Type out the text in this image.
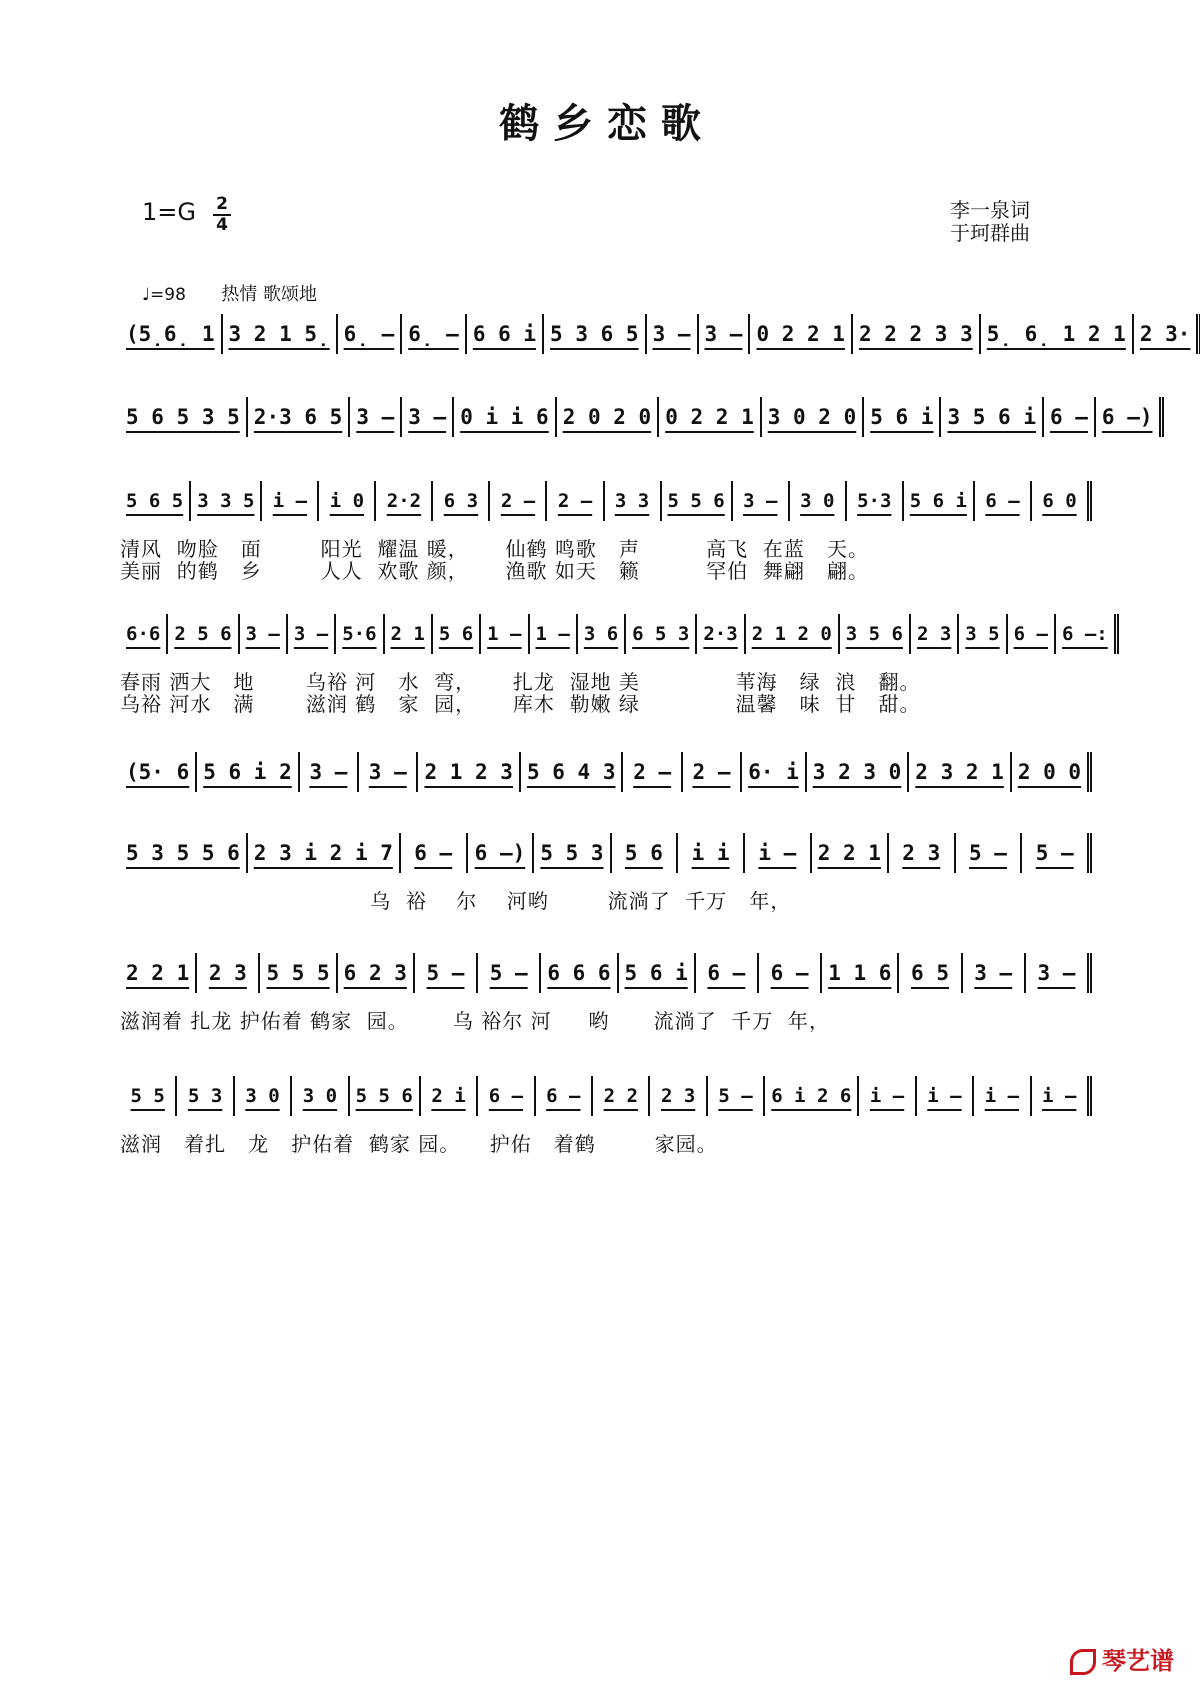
鹤 乡 恋 歌
1=G 2
4
李一泉词
于珂群曲
♩=98 热情 歌颂地
(5̣6̣ 1 3 2 1 5̣ 6̣ – 6̣ – 6 6 i 5 3 6 5 3 – 3 – 0 2 2 1 2 2 2 3 3 5̣ 6̣ 1 2 1 2 3·
5 6 5 3 5 2·3 6 5 3 – 3 – 0 i i 6 2 0 2 0 0 2 2 1 3 0 2 0 5 6 i 3 5 6 i 6 – 6 –)
5 6 5 3 3 5 i –	i 0	2·2	6 3	2 –	2 –	3 3 5 5 6 3 –	3 0	5·3 5 6 i 6 –	6 0
清风  吻脸   面        阳光  耀温 暖，     仙鹤 鸣歌   声         高飞  在蓝   天。
美丽  的鹤   乡        人人  欢歌 颜，     渔歌 如天   籁         罕伯  舞翩   翩。
6·6 2 5 6 3 – 3 – 5·6 2 1 5 6 1 – 1 – 3 6 6 5 3 2·3 2 1 2 0 3 5 6 2 3 3 5 6 – 6 –:
春雨 洒大   地       乌裕 河   水  弯，     扎龙  湿地 美             苇海   绿  浪   翻。
乌裕 河水   满       滋润 鹤   家  园，     库木  勒嫩 绿             温馨   味  甘   甜。
(5· 6 5 6 i 2 3 –	3 – 2 1 2 3 5 6 4 3 2 –	2 – 6· i 3 2 3 0 2 3 2 1 2 0 0
5 3 5 5 6 2 3 i 2 i 7	6 –	6 –) 5 5 3	5 6	i i	i –	2 2 1	2 3	5 –	5 –
乌  裕    尔    河哟        流淌了  千万   年，
2 2 1 2 3 5 5 5 6 2 3 5 –	5 – 6 6 6 5 6 i 6 –	6 – 1 1 6 6 5	3 –	3 –
滋润着 扎龙 护佑着 鹤家  园。      乌 裕尔 河     哟      流淌了  千万  年，
5 5	5 3	3 0	3 0 5 5 6 2 i	6 –	6 –	2 2	2 3	5 – 6 i 2 6 i –	i –	i –	i –
滋润   着扎   龙   护佑着  鹤家 园。    护佑   着鹤        家园。
琴艺谱
